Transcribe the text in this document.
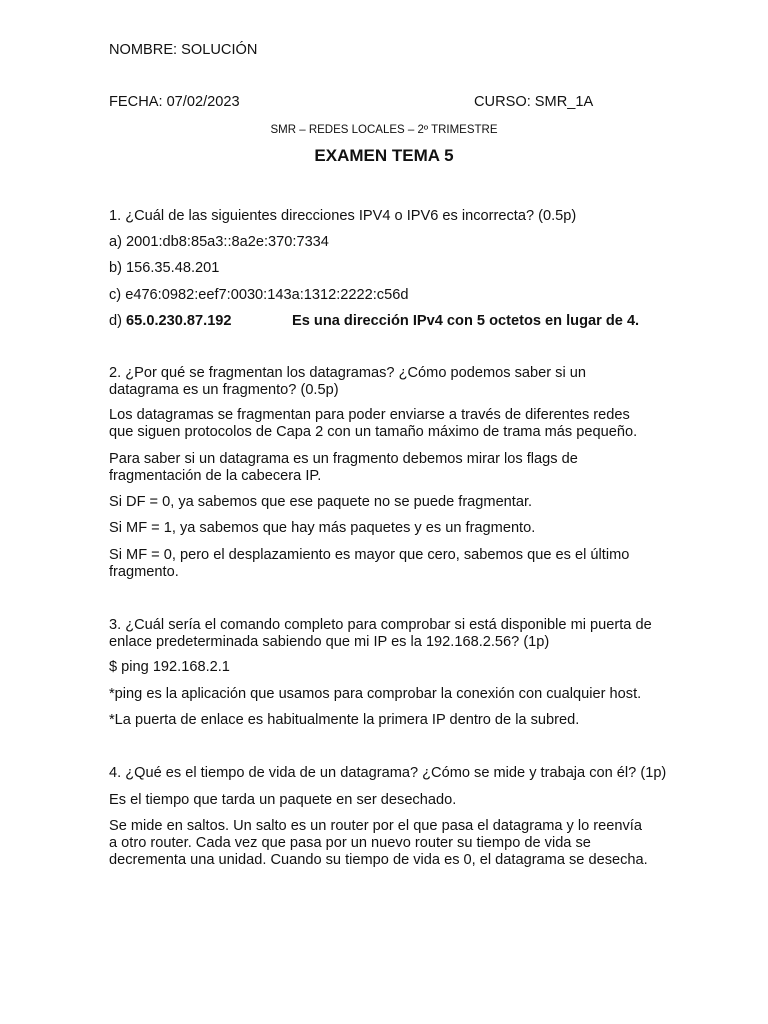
NOMBRE: SOLUCIÓN
FECHA: 07/02/2023	CURSO: SMR_1A
SMR – REDES LOCALES – 2º TRIMESTRE
EXAMEN TEMA 5
1. ¿Cuál de las siguientes direcciones IPV4 o IPV6 es incorrecta? (0.5p)
a) 2001:db8:85a3::8a2e:370:7334
b) 156.35.48.201
c) e476:0982:eef7:0030:143a:1312:2222:c56d
d) 65.0.230.87.192	Es una dirección IPv4 con 5 octetos en lugar de 4.
2. ¿Por qué se fragmentan los datagramas? ¿Cómo podemos saber si un datagrama es un fragmento? (0.5p)
Los datagramas se fragmentan para poder enviarse a través de diferentes redes que siguen protocolos de Capa 2 con un tamaño máximo de trama más pequeño.
Para saber si un datagrama es un fragmento debemos mirar los flags de fragmentación de la cabecera IP.
Si DF = 0, ya sabemos que ese paquete no se puede fragmentar.
Si MF = 1, ya sabemos que hay más paquetes y es un fragmento.
Si MF = 0, pero el desplazamiento es mayor que cero, sabemos que es el último fragmento.
3. ¿Cuál sería el comando completo para comprobar si está disponible mi puerta de enlace predeterminada sabiendo que mi IP es la 192.168.2.56? (1p)
$ ping 192.168.2.1
*ping es la aplicación que usamos para comprobar la conexión con cualquier host.
*La puerta de enlace es habitualmente la primera IP dentro de la subred.
4. ¿Qué es el tiempo de vida de un datagrama? ¿Cómo se mide y trabaja con él? (1p)
Es el tiempo que tarda un paquete en ser desechado.
Se mide en saltos. Un salto es un router por el que pasa el datagrama y lo reenvía a otro router. Cada vez que pasa por un nuevo router su tiempo de vida se decrementa una unidad. Cuando su tiempo de vida es 0, el datagrama se desecha.
